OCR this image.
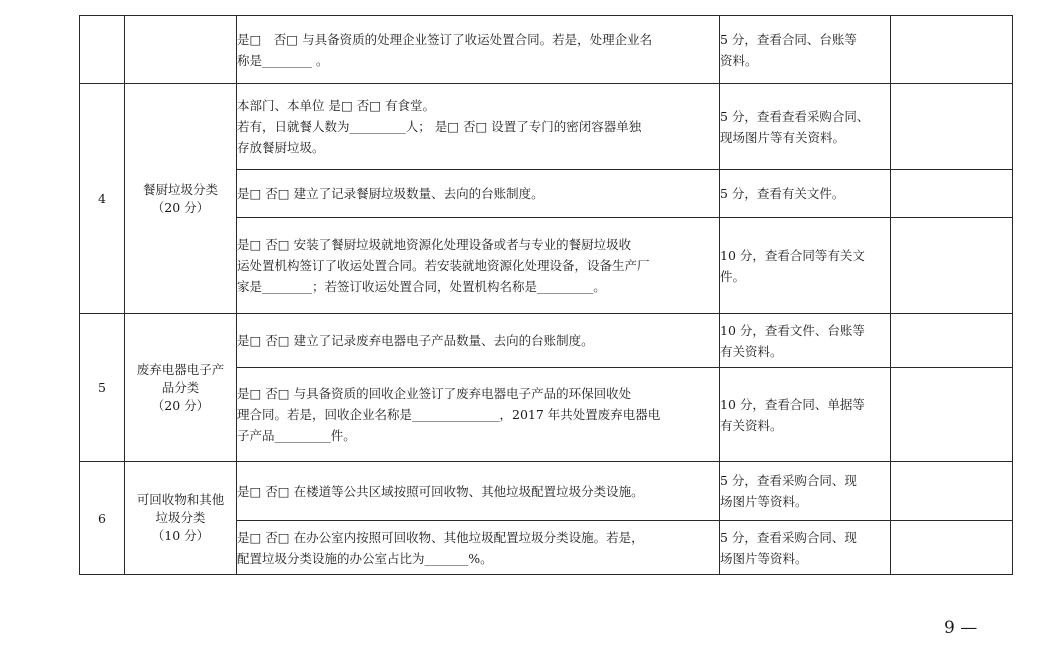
		是□　否□ 与具备资质的处理企业签订了收运处置合同。若是，处理企业名
称是________ 。	5 分，查看合同、台账等
资料。	

4	餐厨垃圾分类
（20 分）	本部门、本单位 是□ 否□ 有食堂。
若有，日就餐人数为_________人； 是□ 否□ 设置了专门的密闭容器单独
存放餐厨垃圾。	5 分，查看查看采购合同、
现场图片等有关资料。	

		是□ 否□ 建立了记录餐厨垃圾数量、去向的台账制度。	5 分，查看有关文件。	

		是□ 否□ 安装了餐厨垃圾就地资源化处理设备或者与专业的餐厨垃圾收
运处置机构签订了收运处置合同。若安装就地资源化处理设备，设备生产厂
家是________；若签订收运处置合同，处置机构名称是_________。	10 分，查看合同等有关文
件。	

5	废弃电器电子产
品分类
（20 分）	是□ 否□ 建立了记录废弃电器电子产品数量、去向的台账制度。	10 分，查看文件、台账等
有关资料。	

		是□ 否□ 与具备资质的回收企业签订了废弃电器电子产品的环保回收处
理合同。若是，回收企业名称是______________，2017 年共处置废弃电器电
子产品_________件。	10 分，查看合同、单据等
有关资料。	

6	可回收物和其他
垃圾分类
（10 分）	是□ 否□ 在楼道等公共区域按照可回收物、其他垃圾配置垃圾分类设施。	5 分，查看采购合同、现
场图片等资料。	

		是□ 否□ 在办公室内按照可回收物、其他垃圾配置垃圾分类设施。若是，
配置垃圾分类设施的办公室占比为_______%。	5 分，查看采购合同、现
场图片等资料。	

9 —
